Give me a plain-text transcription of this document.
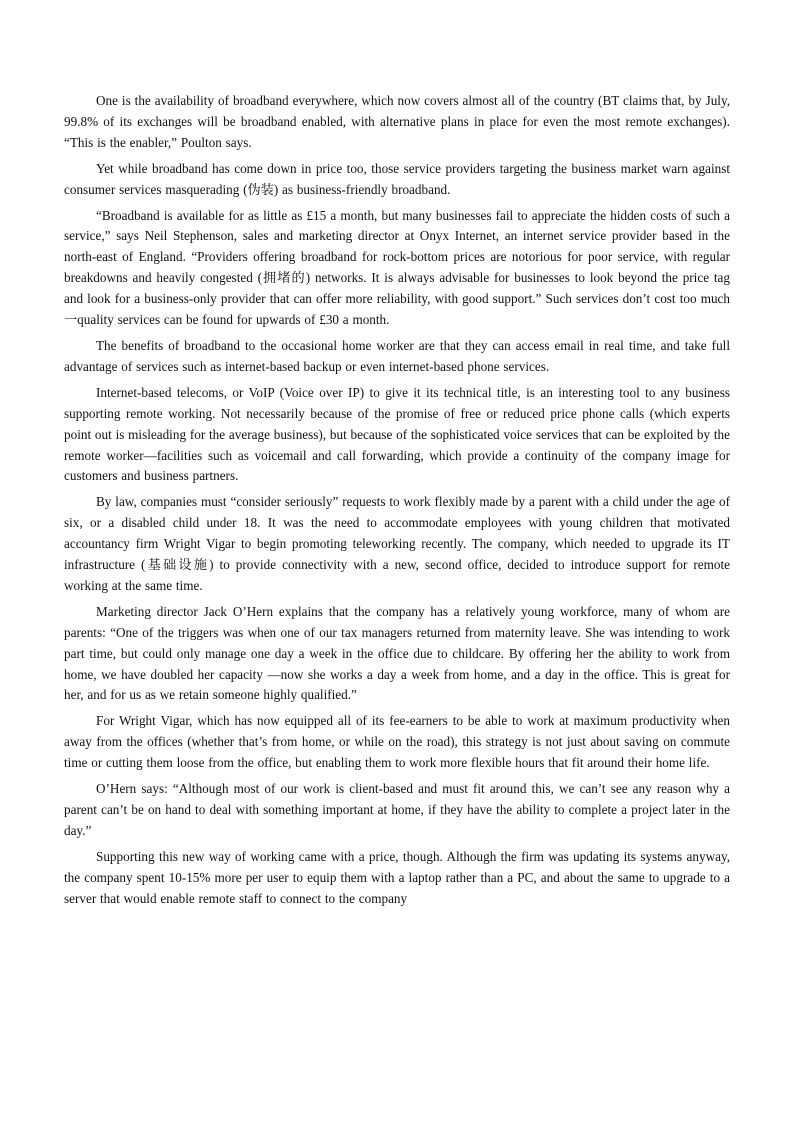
One is the availability of broadband everywhere, which now covers almost all of the country (BT claims that, by July, 99.8% of its exchanges will be broadband enabled, with alternative plans in place for even the most remote exchanges). “This is the enabler,” Poulton says.

Yet while broadband has come down in price too, those service providers targeting the business market warn against consumer services masquerading (伪装) as business-friendly broadband.

“Broadband is available for as little as £15 a month, but many businesses fail to appreciate the hidden costs of such a service,” says Neil Stephenson, sales and marketing director at Onyx Internet, an internet service provider based in the north-east of England. “Providers offering broadband for rock-bottom prices are notorious for poor service, with regular breakdowns and heavily congested (拥堵的) networks. It is always advisable for businesses to look beyond the price tag and look for a business-only provider that can offer more reliability, with good support.” Such services don’t cost too much 一quality services can be found for upwards of £30 a month.

The benefits of broadband to the occasional home worker are that they can access email in real time, and take full advantage of services such as internet-based backup or even internet-based phone services.

Internet-based telecoms, or VoIP (Voice over IP) to give it its technical title, is an interesting tool to any business supporting remote working. Not necessarily because of the promise of free or reduced price phone calls (which experts point out is misleading for the average business), but because of the sophisticated voice services that can be exploited by the remote worker—facilities such as voicemail and call forwarding, which provide a continuity of the company image for customers and business partners.

By law, companies must “consider seriously” requests to work flexibly made by a parent with a child under the age of six, or a disabled child under 18. It was the need to accommodate employees with young children that motivated accountancy firm Wright Vigar to begin promoting teleworking recently. The company, which needed to upgrade its IT infrastructure (基础设施) to provide connectivity with a new, second office, decided to introduce support for remote working at the same time.

Marketing director Jack O’Hern explains that the company has a relatively young workforce, many of whom are parents: “One of the triggers was when one of our tax managers returned from maternity leave. She was intending to work part time, but could only manage one day a week in the office due to childcare. By offering her the ability to work from home, we have doubled her capacity —now she works a day a week from home, and a day in the office. This is great for her, and for us as we retain someone highly qualified.”

For Wright Vigar, which has now equipped all of its fee-earners to be able to work at maximum productivity when away from the offices (whether that’s from home, or while on the road), this strategy is not just about saving on commute time or cutting them loose from the office, but enabling them to work more flexible hours that fit around their home life.

O’Hern says: “Although most of our work is client-based and must fit around this, we can’t see any reason why a parent can’t be on hand to deal with something important at home, if they have the ability to complete a project later in the day.”

Supporting this new way of working came with a price, though. Although the firm was updating its systems anyway, the company spent 10-15% more per user to equip them with a laptop rather than a PC, and about the same to upgrade to a server that would enable remote staff to connect to the company
